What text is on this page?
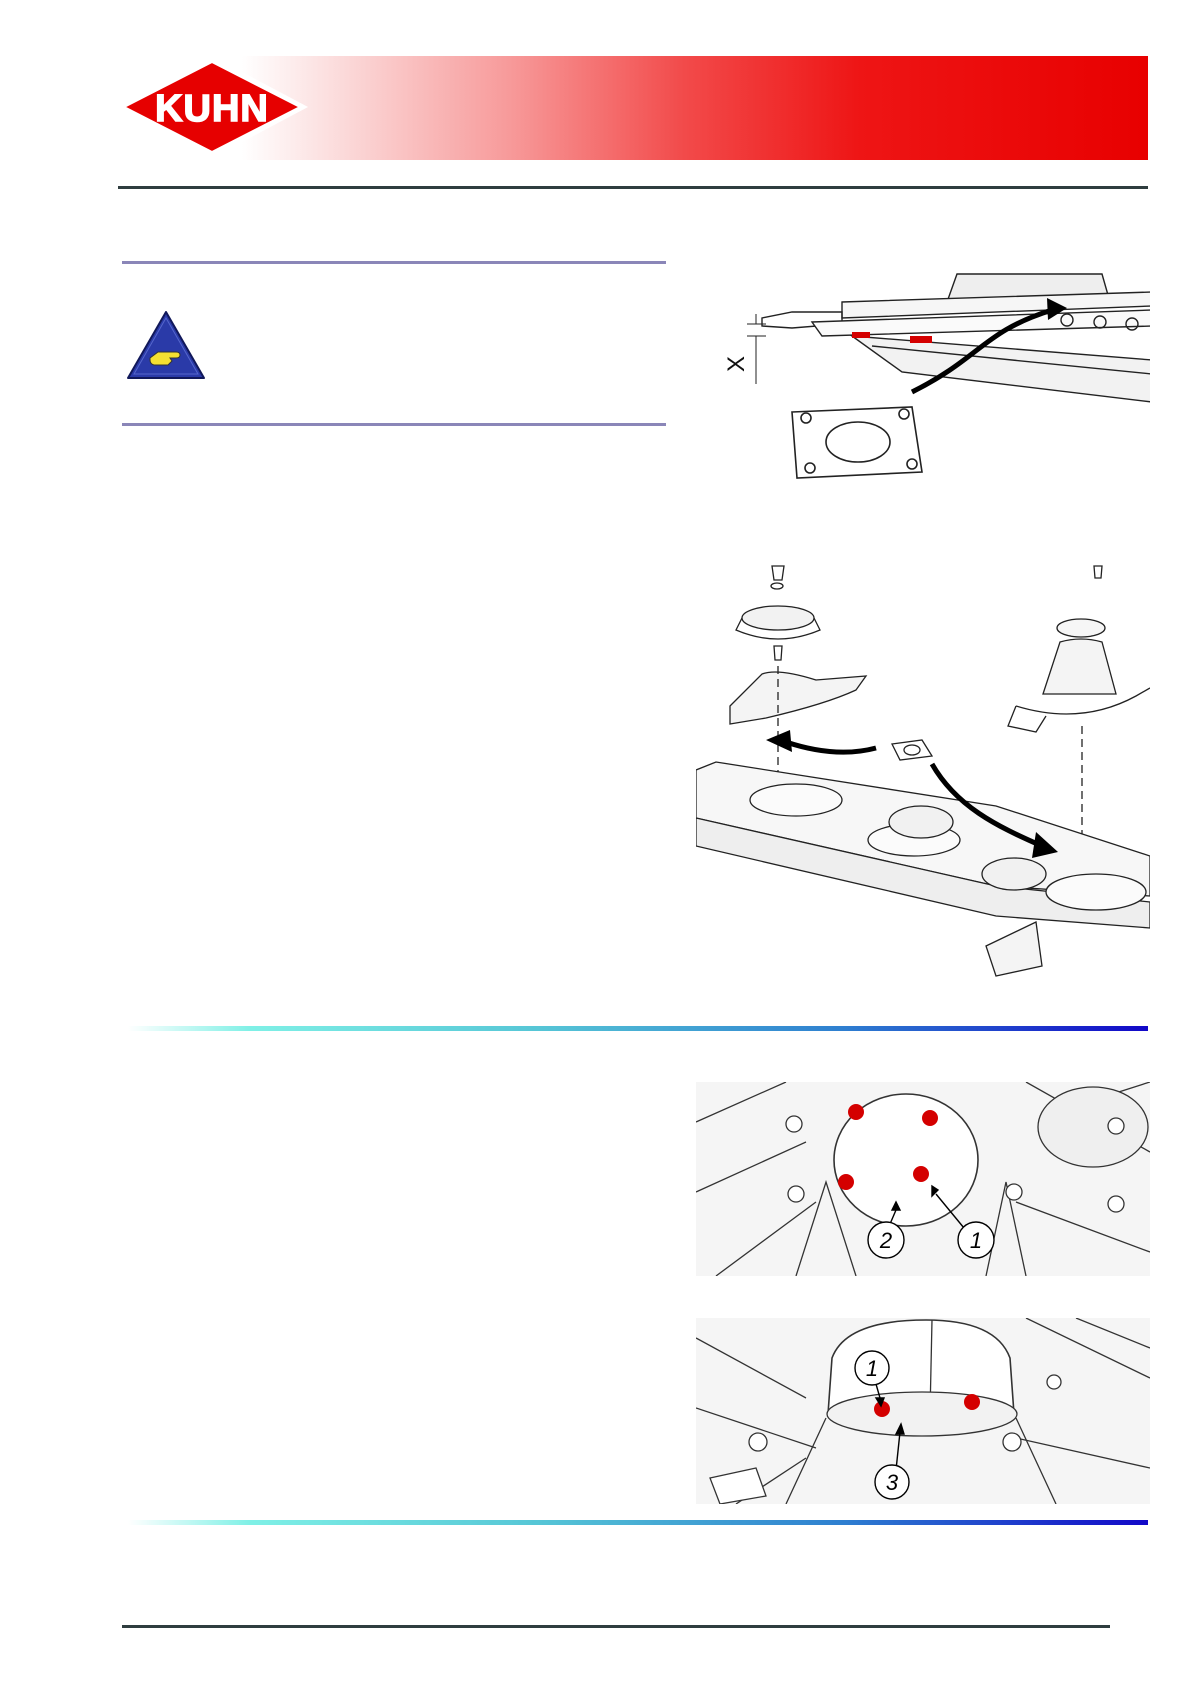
KUHN
X
2	1
1
3
